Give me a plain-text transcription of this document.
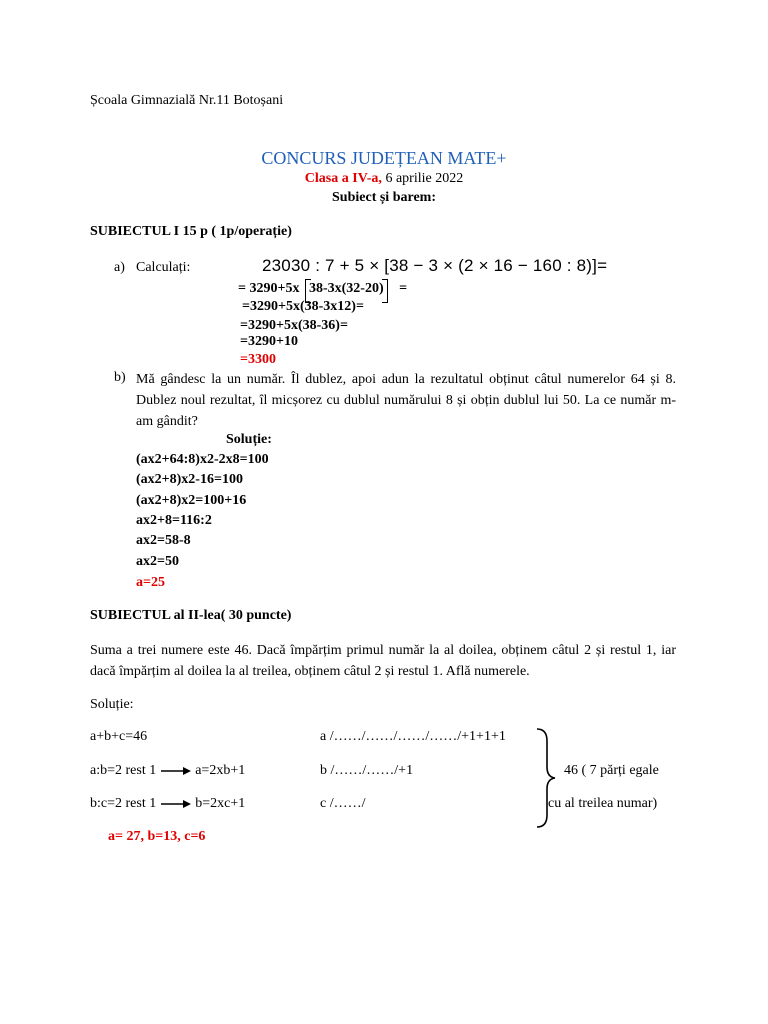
Școala Gimnazială Nr.11 Botoșani
CONCURS JUDEȚEAN MATE+
Clasa a IV-a, 6 aprilie 2022
Subiect și barem:
SUBIECTUL I 15 p ( 1p/operație)
a) Calculați:	23030 : 7 + 5 × [38 − 3 × (2 × 16 − 160 : 8)]=
= 3290+5x 38-3x(32-20) =
=3290+5x(38-3x12)=
=3290+5x(38-36)=
=3290+10
=3300
b) Mă gândesc la un număr. Îl dublez, apoi adun la rezultatul obținut câtul numerelor 64 și 8. Dublez noul rezultat, îl micșorez cu dublul numărului 8 și obțin dublul lui 50. La ce număr m-am gândit?
Soluție:
(ax2+64:8)x2-2x8=100
(ax2+8)x2-16=100
(ax2+8)x2=100+16
ax2+8=116:2
ax2=58-8
ax2=50
a=25
SUBIECTUL al II-lea( 30 puncte)
Suma a trei numere este 46. Dacă împărțim primul număr la al doilea, obținem câtul 2 și restul 1, iar dacă împărțim al doilea la al treilea, obținem câtul 2 și restul 1. Află numerele.
Soluție:
a+b+c=46
a:b=2 rest 1	a=2xb+1
b:c=2 rest 1	b=2xc+1
a /……/……/……/……/+1+1+1
b /……/……/+1
c /……/
46 ( 7 părți egale
cu al treilea numar)
a= 27, b=13, c=6
